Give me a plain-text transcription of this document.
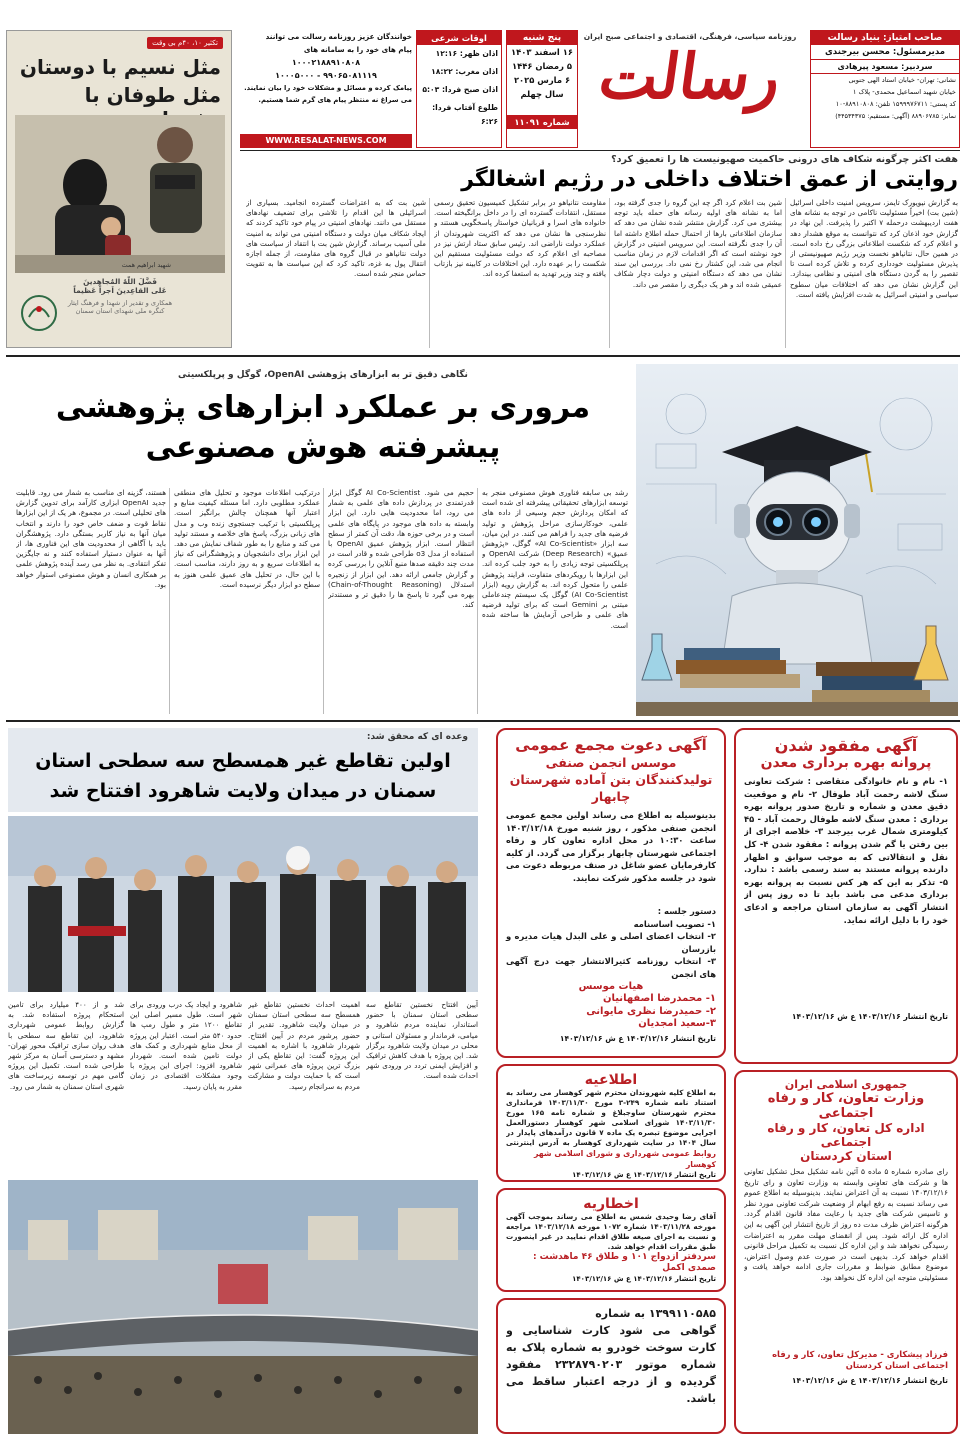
صاحب امتیاز: بنیاد رسالت
مدیرمسئول: محسن بیرجندی
سردبیر: مسعود پیرهادی
نشانی: تهران- خیابان استاد الهی جنوبی
خیابان شهید اسماعیل محمدی- پلاک ۱
کد پستی: ۱۵۹۹۹۷۶۷۱۱ تلفن: ۸۸۹۱۰۸۰۸-۱۰
نمابر: ۸۸۹۰۶۷۸۵ (آگهی: مستقیم: ۴۴۵۳۴۳۷۵)
روزنامه سیاسی، فرهنگی، اقتصادی و اجتماعی صبح ایران
رسالت
پنج شنبه
۱۶ اسفند ۱۴۰۳
۵ رمضان ۱۴۴۶
۶ مارس ۲۰۲۵
سال چهلم
شماره ۱۱۰۹۱
اوقات شرعی
اذان ظهر: ۱۲:۱۶
اذان مغرب: ۱۸:۲۲
اذان صبح فردا: ۵:۰۳
طلوع آفتاب فردا: ۶:۲۶
خوانندگان عزیز روزنامه رسالت می توانند
پیام های خود را به سامانه های
۱۰۰۰۲۱۸۸۹۱۰۸۰۸
۹۹۰۶۵۰۸۱۱۱۹ - ۱۰۰۰۵۰۰۰
پیامک کرده و مسائل و مشکلات خود را بیان نمایند.
می سراغ نه منتظر پیام های گرم شما هستیم.
WWW.RESALAT-NEWS.COM
تکثیر ۱۰، ۴۰م بی وقت
مثل نسیم با دوستان
مثل طوفان با
شهید ابراهیم همت
فَضَّلَ اللّهُ المُجاهِدینَ
عَلی القاعِدینَ اَجراً عَظیماً
همکاری و تقدیر از شهدا و فرهنگ ایثار
کنگره ملی شهدای استان سمنان
هفت اکثر چرگونه شکاف های درونی حاکمیت صهیونیست ها را تعمیق کرد؟
روایتی از عمق اختلاف داخلی در رژیم اشغالگر
به گزارش نیویورک تایمز، سرویس امنیت داخلی اسرائیل (شین بت) اخیراً مسئولیت ناکامی در توجه به نشانه های هفت اردیبهشت درحمله ۷ اکتبر را پذیرفت. این نهاد در گزارش خود اذعان کرد که نتوانست به موقع هشدار دهد و اعلام کرد که شکست اطلاعاتی بزرگی رخ داده است. در همین حال، نتانیاهو نخست وزیر رژیم صهیونیستی از پذیرش مسئولیت خودداری کرده و تلاش کرده است تا تقصیر را به گردن دستگاه های امنیتی و نظامی بیندازد. این گزارش نشان می دهد که اختلافات میان سطوح سیاسی و امنیتی اسرائیل به شدت افزایش یافته است.
شین بت اعلام کرد اگر چه این گروه را جدی گرفته بود، اما به نشانه های اولیه رسانه های حمله باید توجه بیشتری می کرد. گزارش منتشر شده نشان می دهد که سازمان اطلاعاتی بارها از احتمال حمله اطلاع داشته اما آن را جدی نگرفته است. این سرویس امنیتی در گزارش خود نوشته است که اگر اقدامات لازم در زمان مناسب انجام می شد، این کشتار رخ نمی داد. بررسی این سند نشان می دهد که دستگاه امنیتی و دولت دچار شکاف عمیقی شده اند و هر یک دیگری را مقصر می داند.
مقاومت نتانیاهو در برابر تشکیل کمیسیون تحقیق رسمی مستقل، انتقادات گسترده ای را در داخل برانگیخته است. خانواده های اسرا و قربانیان خواستار پاسخگویی هستند و نظرسنجی ها نشان می دهد که اکثریت شهروندان از عملکرد دولت ناراضی اند. رئیس سابق ستاد ارتش نیز در مصاحبه ای اعلام کرد که دولت مسئولیت مستقیم این شکست را بر عهده دارد. این اختلافات در کابینه نیز بازتاب یافته و چند وزیر تهدید به استعفا کرده اند.
شین بت که به اعتراضات گسترده انجامید. بسیاری از اسرائیلی ها این اقدام را تلاشی برای تضعیف نهادهای مستقل می دانند. نهادهای امنیتی در پیام خود تاکید کردند که ایجاد شکاف میان دولت و دستگاه امنیتی می تواند به امنیت ملی آسیب برساند. گزارش شین بت با انتقاد از سیاست های دولت نتانیاهو در قبال گروه های مقاومت، از جمله اجازه انتقال پول به غزه، تاکید کرد که این سیاست ها به تقویت حماس منجر شده است.
نگاهی دقیق تر به ابزارهای پژوهشی OpenAI، گوگل و پرپلکسیتی
مروری بر عملکرد ابزارهای پژوهشی پیشرفته هوش مصنوعی
رشد بی سابقه فناوری هوش مصنوعی منجر به توسعه ابزارهای تحقیقاتی پیشرفته ای شده است که امکان پردازش حجم وسیعی از داده های علمی، خودکارسازی مراحل پژوهش و تولید فرضیه های جدید را فراهم می کنند. در این میان، سه ابزار «AI Co-Scientist» گوگل، «پژوهش عمیق» (Deep Research) شرکت OpenAI و پرپلکسیتی توجه زیادی را به خود جلب کرده اند. این ابزارها با رویکردهای متفاوت، فرایند پژوهش علمی را متحول کرده اند. به گزارش رویه (ابزار AI Co-Scientist) گوگل یک سیستم چندعاملی مبتنی بر Gemini است که برای تولید فرضیه های علمی و طراحی آزمایش ها ساخته شده است.
حجیم می شود. AI Co-Scientist گوگل ابزار قدرتمندی در پردازش داده های علمی به شمار می رود، اما محدودیت هایی دارد. این ابزار وابسته به داده های موجود در پایگاه های علمی است و در برخی حوزه ها، دقت آن کمتر از سطح انتظار است. ابزار پژوهش عمیق OpenAI با استفاده از مدل o3 طراحی شده و قادر است در مدت چند دقیقه صدها منبع آنلاین را بررسی کرده و گزارش جامعی ارائه دهد. این ابزار از زنجیره استدلال (Chain-of-Thought Reasoning) بهره می گیرد تا پاسخ ها را دقیق تر و مستندتر کند.
درترکیب اطلاعات موجود و تحلیل های منطقی عملکرد مطلوبی دارد. اما مسئله کیفیت منابع و اعتبار آنها همچنان چالش برانگیز است. پرپلکسیتی با ترکیب جستجوی زنده وب و مدل های زبانی بزرگ، پاسخ های خلاصه و مستند تولید می کند و منابع را به طور شفاف نمایش می دهد. این ابزار برای دانشجویان و پژوهشگرانی که نیاز به اطلاعات سریع و به روز دارند، مناسب است. با این حال، در تحلیل های عمیق علمی هنوز به سطح دو ابزار دیگر نرسیده است.
هستند، گزینه ای مناسب به شمار می رود. قابلیت جدید OpenAI ابزاری کارآمد برای تدوین گزارش های تحلیلی است. در مجموع، هر یک از این ابزارها نقاط قوت و ضعف خاص خود را دارند و انتخاب میان آنها به نیاز کاربر بستگی دارد. پژوهشگران باید با آگاهی از محدودیت های این فناوری ها، از آنها به عنوان دستیار استفاده کنند و نه جایگزین تفکر انتقادی. به نظر می رسد آینده پژوهش علمی بر همکاری انسان و هوش مصنوعی استوار خواهد بود.
آگهی مفقود شدن
پروانه بهره برداری معدن
۱- نام و نام خانوادگی متقاضی : شرکت تعاونی سنگ لاشه رحمت آباد طوفال ۲- نام و موقعیت دقیق معدن و شماره و تاریخ صدور پروانه بهره برداری : معدن سنگ لاشه طوفال رحمت آباد - ۴۵ کیلومتری شمال غرب بیرجند ۳- خلاصه اجرای از بین رفتن یا گم شدن پروانه : مفقود شدن ۴- کل نقل و انتقالاتی که به موجب سوابق و اظهار دارنده پروانه مستند به سند رسمی باشد : ندارد. ۵- تذکر به این که هر کس نسبت به پروانه بهره برداری مدعی می باشد باید تا ده روز پس از انتشار آگهی به سازمان استان مراجعه و ادعای خود را با دلیل ارائه نماید.
تاریخ انتشار ۱۴۰۳/۱۲/۱۶ ع ش ۱۴۰۳/۱۲/۱۶
جمهوری اسلامی ایران
وزارت تعاون، کار و رفاه اجتماعی
اداره کل تعاون، کار و رفاه اجتماعی
استان کردستان
رای صادره شماره ۵ ماده ۵ آئین نامه تشکیل محل تشکیل تعاونی ها و شرکت های تعاونی وابسته به وزارت تعاون و رای تاریخ ۱۴۰۳/۱۲/۱۶ نسبت به آن اعتراض نمایند. بدینوسیله به اطلاع عموم می رساند نسبت به رفع ابهام از وضعیت شرکت تعاونی مورد نظر و تاسیس شرکت های جدید با رعایت مفاد قانون اقدام گردد. هرگونه اعتراض ظرف مدت ده روز از تاریخ انتشار این آگهی به این اداره کل ارائه شود. پس از انقضای مهلت مقرر به اعتراضات رسیدگی نخواهد شد و این اداره کل نسبت به تکمیل مراحل قانونی اقدام خواهد کرد. بدیهی است در صورت عدم وصول اعتراض، موضوع مطابق ضوابط و مقررات جاری ادامه خواهد یافت و مسئولیتی متوجه این اداره کل نخواهد بود.
فرزاد پیشکاری - مدیرکل تعاون، کار و رفاه اجتماعی استان کردستان
تاریخ انتشار ۱۴۰۳/۱۲/۱۶ ع ش ۱۴۰۳/۱۲/۱۶
آگهی دعوت مجمع عمومی
موسس انجمن صنفی تولیدکنندگان بتن آماده شهرستان چابهار
بدینوسیله به اطلاع می رساند اولین مجمع عمومی انجمن صنفی مذکور ، روز شنبه مورخ ۱۴۰۳/۱۲/۱۸ ساعت ۱۰:۳۰ در محل اداره تعاون کار و رفاه اجتماعی شهرستان چابهار برگزار می گردد. از کلیه کارفرمایان عضو شاغل در صنف مربوطه دعوت می شود در جلسه مذکور شرکت نمایند.
دستور جلسه :
۱- تصویب اساسنامه
۲- انتخاب اعضای اصلی و علی البدل هیات مدیره و بازرسان
۳- انتخاب روزنامه کثیرالانتشار جهت درج آگهی های انجمن
هیات موسس
۱- محمدرضا اصفهانیان
۲- حمیدرضا نظری مایوانی
۳-سعید امجدیان
تاریخ انتشار ۱۴۰۳/۱۲/۱۶ ع ش ۱۴۰۳/۱۲/۱۶
اطلاعیه
به اطلاع کلیه شهروندان محترم شهر کوهسار می رساند به استناد نامه شماره ۲۴۹-۳ مورخ ۱۴۰۳/۱۱/۳۰ فرمانداری محترم شهرستان ساوجبلاغ و شماره نامه ۱۶۵ مورخ ۱۴۰۳/۱۱/۳۰ شورای اسلامی شهر کوهسار دستورالعمل اجرایی موضوع تبصره یک ماده ۷ قانون درآمدهای پایدار در سال ۱۴۰۴ در سایت شهرداری کوهسار به آدرس اینترنتی
روابط عمومی شهرداری و شورای اسلامی شهر کوهسار
تاریخ انتشار ۱۴۰۳/۱۲/۱۶ ع ش ۱۴۰۳/۱۲/۱۶
اخطاریه
آقای رضا وحیدی شمس به اطلاع می رساند بموجب آگهی مورخه ۱۴۰۳/۱۱/۲۸ شماره ۱۰۷۲ مورخه ۱۴۰۳/۱۲/۱۸ مراجعه و نسبت به اجرای صیغه طلاق اقدام نمایید در غیر اینصورت طبق مقررات اقدام خواهد شد.
سردفتر ازدواج ۱۰۱ و طلاق ۴۶ ماهدشت : صمدی اکمل
تاریخ انتشار ۱۴۰۳/۱۲/۱۶ ع ش ۱۴۰۳/۱۲/۱۶
۱۳۹۹۱۱۰۵۸۵ به شماره
گواهی می شود کارت شناسایی و کارت سوخت خودرو به شماره پلاک به شماره موتور ۲۳۲۸۷۹۰۲۰۳ مفقود گردیده و از درجه اعتبار ساقط می باشد.
وعده ای که محقق شد:
اولین تقاطع غیر همسطح سه سطحی استان سمنان در میدان ولایت شاهرود افتتاح شد
آیین افتتاح نخستین تقاطع سه سطحی استان سمنان با حضور استاندار، نماینده مردم شاهرود و میامی، فرماندار و مسئولان استانی و محلی در میدان ولایت شاهرود برگزار شد. این پروژه با هدف کاهش ترافیک و افزایش ایمنی تردد در ورودی شهر احداث شده است.
اهمیت احداث نخستین تقاطع غیر همسطح سه سطحی استان سمنان در میدان ولایت شاهرود. تقدیر از حضور پرشور مردم در آیین افتتاح. شهردار شاهرود با اشاره به اهمیت این پروژه گفت: این تقاطع یکی از بزرگ ترین پروژه های عمرانی شهر است که با حمایت دولت و مشارکت مردم به سرانجام رسید.
شاهرود و ایجاد یک درب ورودی برای شهر است. طول مسیر اصلی این تقاطع ۱۲۰۰ متر و طول رمپ ها حدود ۵۴۰ متر است. اعتبار این پروژه از محل منابع شهرداری و کمک های دولت تامین شده است. شهردار شاهرود افزود: اجرای این پروژه با وجود مشکلات اقتصادی در زمان مقرر به پایان رسید.
شد و از ۴۰۰ میلیارد برای تامین استحکام پروژه استفاده شد. به گزارش روابط عمومی شهرداری شاهرود، این تقاطع سه سطحی با هدف روان سازی ترافیک محور تهران-مشهد و دسترسی آسان به مرکز شهر طراحی شده است. تکمیل این پروژه گامی مهم در توسعه زیرساخت های شهری استان سمنان به شمار می رود.
